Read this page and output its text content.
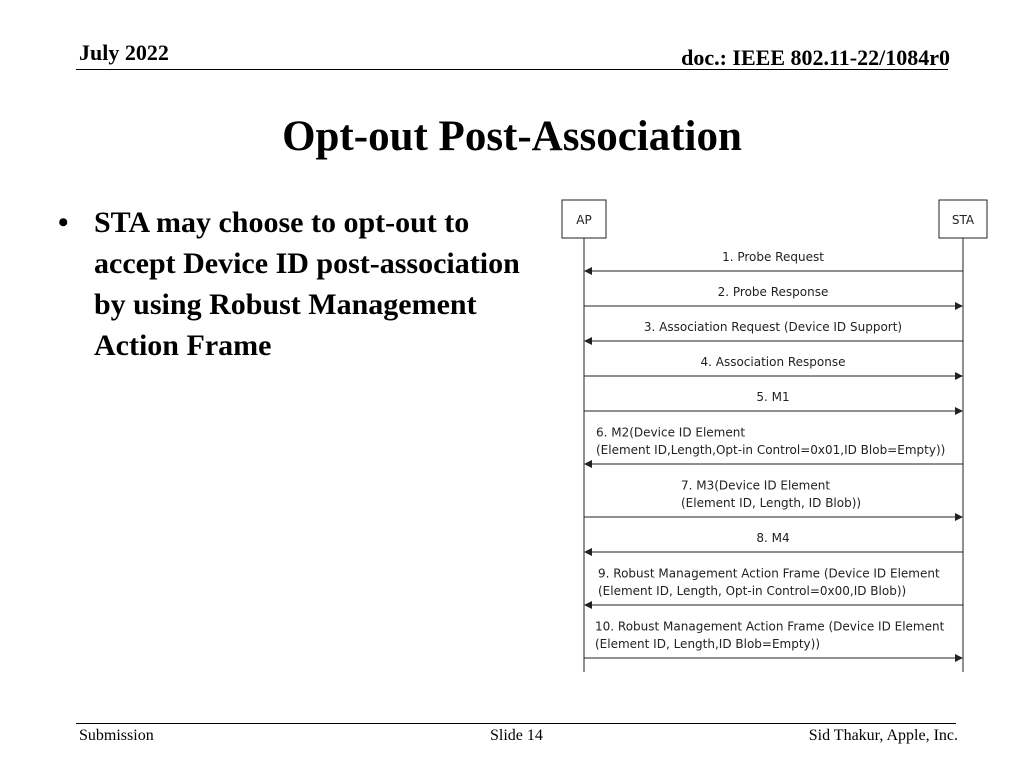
July 2022	doc.: IEEE 802.11-22/1084r0
Opt-out Post-Association
• STA may choose to opt-out to accept Device ID post-association by using Robust Management Action Frame
AP	STA
1. Probe Request
2. Probe Response
3. Association Request (Device ID Support)
4. Association Response
5. M1
6. M2(Device ID Element
(Element ID,Length,Opt-in Control=0x01,ID Blob=Empty))
7. M3(Device ID Element
(Element ID, Length, ID Blob))
8. M4
9. Robust Management Action Frame (Device ID Element
(Element ID, Length, Opt-in Control=0x00,ID Blob))
10. Robust Management Action Frame (Device ID Element
(Element ID, Length,ID Blob=Empty))
Submission	Slide 14	Sid Thakur, Apple, Inc.
